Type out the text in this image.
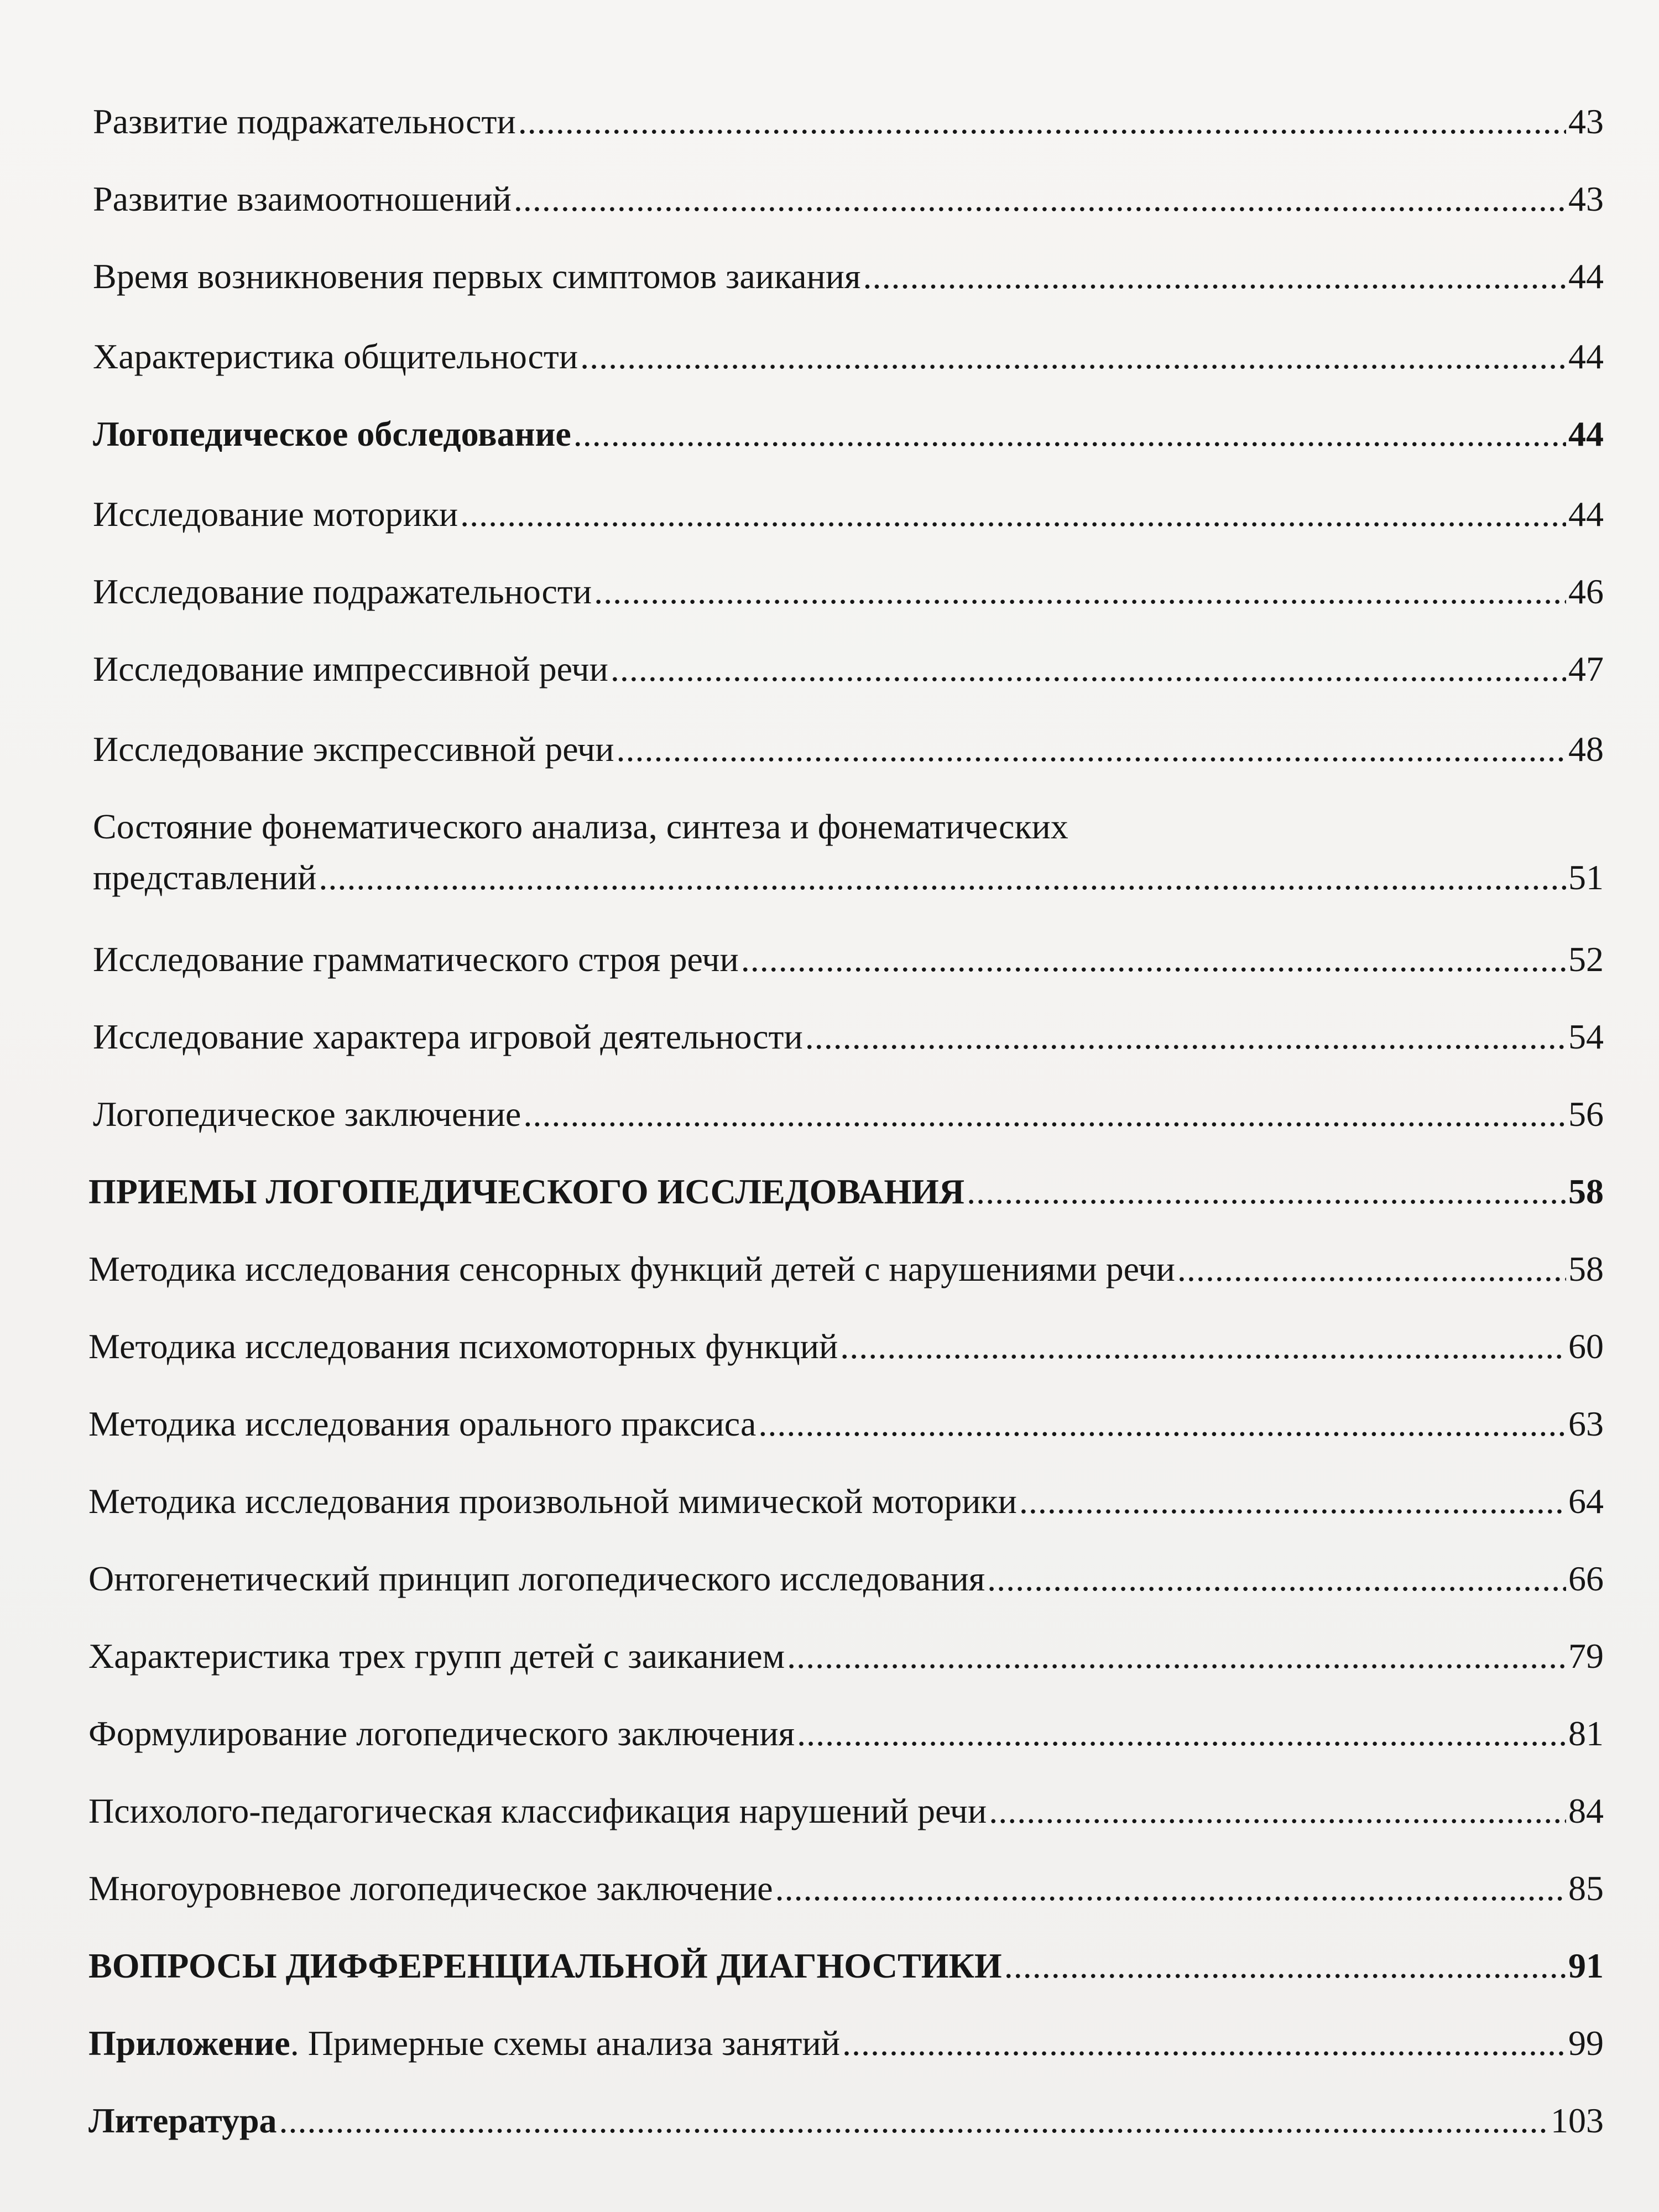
Развитие подражательности .....	43
Развитие взаимоотношений .....	43
Время возникновения первых симптомов заикания .....	44
Характеристика общительности .....	44
Логопедическое обследование .....	44
Исследование моторики .....	44
Исследование подражательности .....	46
Исследование импрессивной речи .....	47
Исследование экспрессивной речи .....	48
Состояние фонематического анализа, синтеза и фонематических
представлений .....	51
Исследование грамматического строя речи .....	52
Исследование характера игровой деятельности .....	54
Логопедическое заключение .....	56
ПРИЕМЫ ЛОГОПЕДИЧЕСКОГО ИССЛЕДОВАНИЯ .....	58
Методика исследования сенсорных функций детей с нарушениями речи .....	58
Методика исследования психомоторных функций .....	60
Методика исследования орального праксиса .....	63
Методика исследования произвольной мимической моторики .....	64
Онтогенетический принцип логопедического исследования .....	66
Характеристика трех групп детей с заиканием .....	79
Формулирование логопедического заключения .....	81
Психолого-педагогическая классификация нарушений речи .....	84
Многоуровневое логопедическое заключение .....	85
ВОПРОСЫ ДИФФЕРЕНЦИАЛЬНОЙ ДИАГНОСТИКИ .....	91
Приложение. Примерные схемы анализа занятий .....	99
Литература .....	103
